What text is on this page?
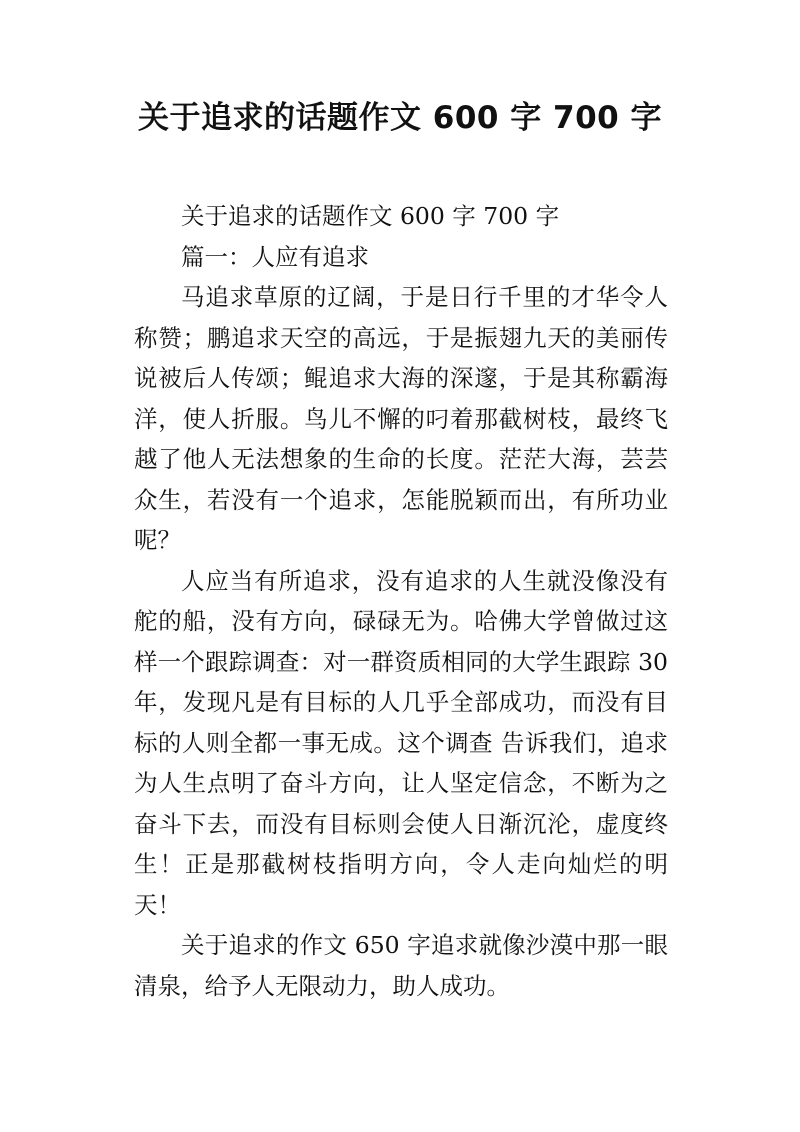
关于追求的话题作文 600 字 700 字

关于追求的话题作文 600 字 700 字

篇一：人应有追求

马追求草原的辽阔，于是日行千里的才华令人称赞；鹏追求天空的高远，于是振翅九天的美丽传说被后人传颂；鲲追求大海的深邃，于是其称霸海洋，使人折服。鸟儿不懈的叼着那截树枝，最终飞越了他人无法想象的生命的长度。茫茫大海，芸芸众生，若没有一个追求，怎能脱颖而出，有所功业呢？

人应当有所追求，没有追求的人生就没像没有舵的船，没有方向，碌碌无为。哈佛大学曾做过这样一个跟踪调查：对一群资质相同的大学生跟踪 30 年，发现凡是有目标的人几乎全部成功，而没有目标的人则全都一事无成。这个调查 告诉我们，追求为人生点明了奋斗方向，让人坚定信念，不断为之奋斗下去，而没有目标则会使人日渐沉沦，虚度终生！正是那截树枝指明方向，令人走向灿烂的明天！

关于追求的作文 650 字追求就像沙漠中那一眼清泉，给予人无限动力，助人成功。
